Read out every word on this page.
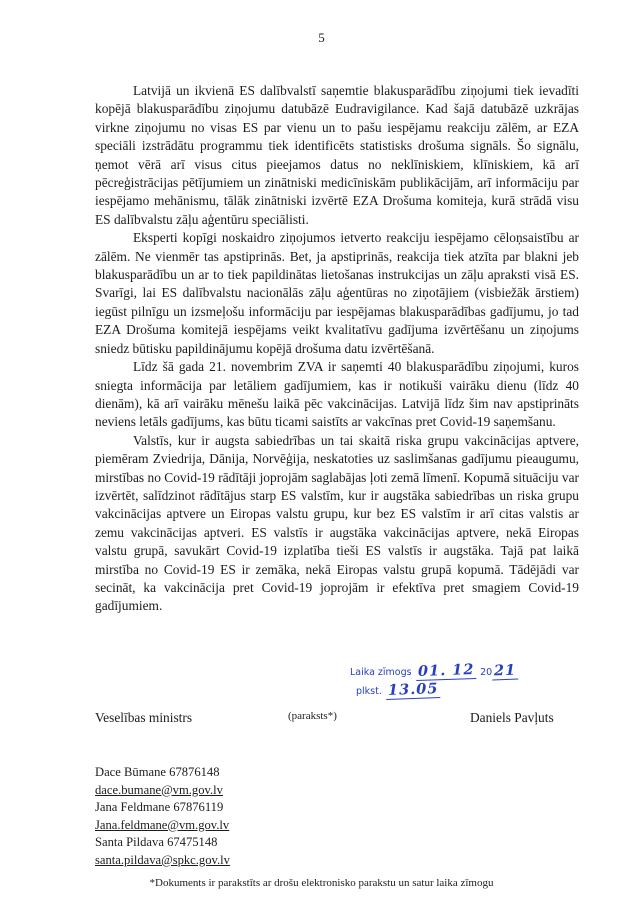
5

Latvijā un ikvienā ES dalībvalstī saņemtie blakusparādību ziņojumi tiek ievadīti kopējā blakusparādību ziņojumu datubāzē Eudravigilance. Kad šajā datubāzē uzkrājas virkne ziņojumu no visas ES par vienu un to pašu iespējamu reakciju zālēm, ar EZA speciāli izstrādātu programmu tiek identificēts statistisks drošuma signāls. Šo signālu, ņemot vērā arī visus citus pieejamos datus no neklīniskiem, klīniskiem, kā arī pēcreģistrācijas pētījumiem un zinātniski medicīniskām publikācijām, arī informāciju par iespējamo mehānismu, tālāk zinātniski izvērtē EZA Drošuma komiteja, kurā strādā visu ES dalībvalstu zāļu aģentūru speciālisti.

Eksperti kopīgi noskaidro ziņojumos ietverto reakciju iespējamo cēloņsaistību ar zālēm. Ne vienmēr tas apstiprinās. Bet, ja apstiprinās, reakcija tiek atzīta par blakni jeb blakusparādību un ar to tiek papildinātas lietošanas instrukcijas un zāļu apraksti visā ES. Svarīgi, lai ES dalībvalstu nacionālās zāļu aģentūras no ziņotājiem (visbiežāk ārstiem) iegūst pilnīgu un izsmeļošu informāciju par iespējamas blakusparādības gadījumu, jo tad EZA Drošuma komitejā iespējams veikt kvalitatīvu gadījuma izvērtēšanu un ziņojums sniedz būtisku papildinājumu kopējā drošuma datu izvērtēšanā.

Līdz šā gada 21. novembrim ZVA ir saņemti 40 blakusparādību ziņojumi, kuros sniegta informācija par letāliem gadījumiem, kas ir notikuši vairāku dienu (līdz 40 dienām), kā arī vairāku mēnešu laikā pēc vakcinācijas. Latvijā līdz šim nav apstiprināts neviens letāls gadījums, kas būtu ticami saistīts ar vakcīnas pret Covid-19 saņemšanu.

Valstīs, kur ir augsta sabiedrības un tai skaitā riska grupu vakcinācijas aptvere, piemēram Zviedrija, Dānija, Norvēģija, neskatoties uz saslimšanas gadījumu pieaugumu, mirstības no Covid-19 rādītāji joprojām saglabājas ļoti zemā līmenī. Kopumā situāciju var izvērtēt, salīdzinot rādītājus starp ES valstīm, kur ir augstāka sabiedrības un riska grupu vakcinācijas aptvere un Eiropas valstu grupu, kur bez ES valstīm ir arī citas valstis ar zemu vakcinācijas aptveri. ES valstīs ir augstāka vakcinācijas aptvere, nekā Eiropas valstu grupā, savukārt Covid-19 izplatība tieši ES valstīs ir augstāka. Tajā pat laikā mirstība no Covid-19 ES ir zemāka, nekā Eiropas valstu grupā kopumā. Tādējādi var secināt, ka vakcinācija pret Covid-19 joprojām ir efektīva pret smagiem Covid-19 gadījumiem.

Laika zīmogs 01. 12 20 21
plkst. 13.05
Veselības ministrs	(paraksts*)	Daniels Pavļuts
Dace Būmane 67876148
dace.bumane@vm.gov.lv
Jana Feldmane 67876119
Jana.feldmane@vm.gov.lv
Santa Pildava 67475148
santa.pildava@spkc.gov.lv
*Dokuments ir parakstīts ar drošu elektronisko parakstu un satur laika zīmogu
